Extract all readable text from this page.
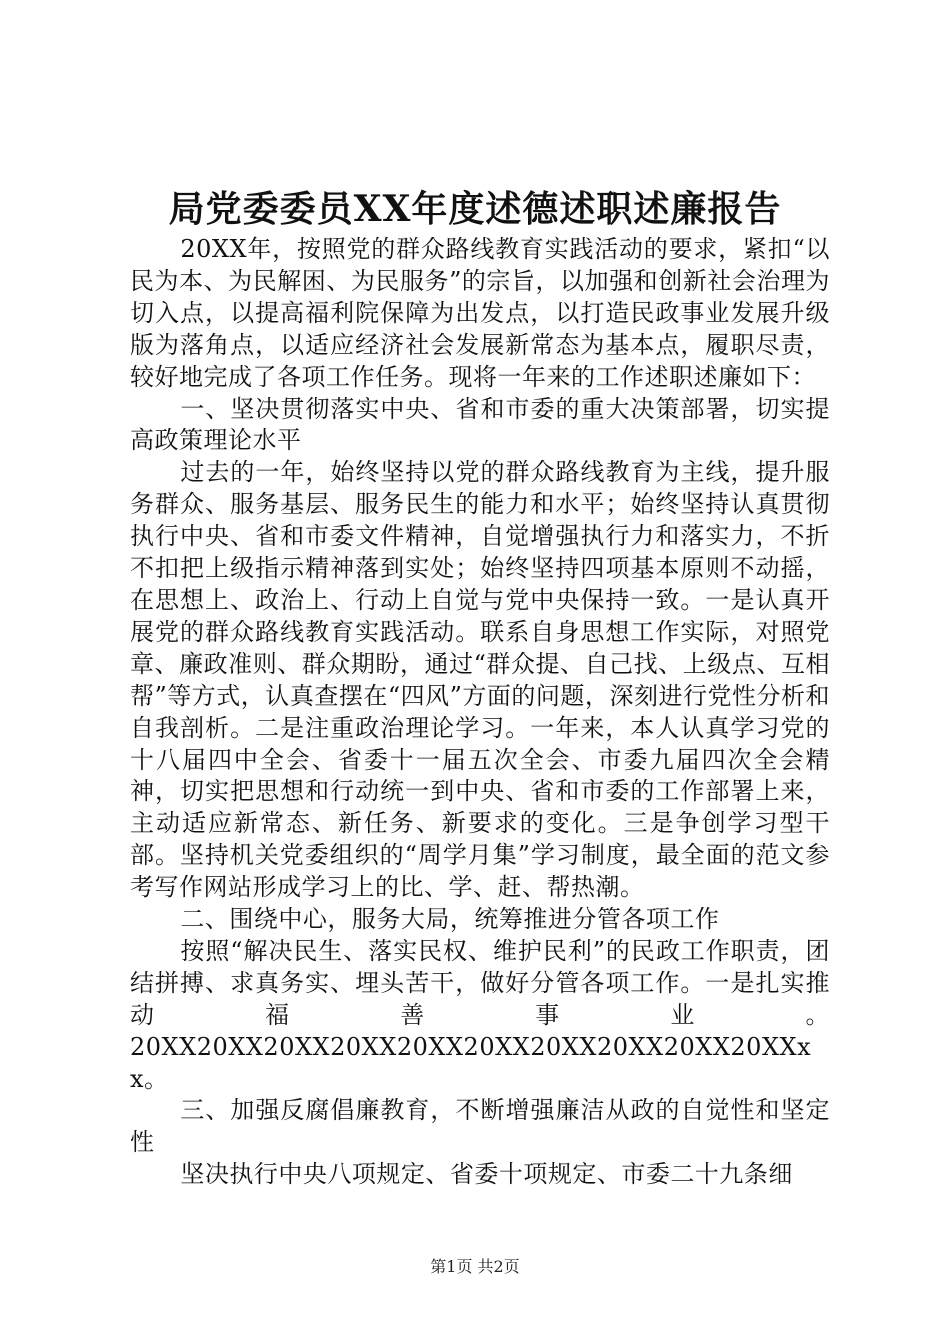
局党委委员XX年度述德述职述廉报告

20XX年，按照党的群众路线教育实践活动的要求，紧扣“以民为本、为民解困、为民服务”的宗旨，以加强和创新社会治理为切入点，以提高福利院保障为出发点，以打造民政事业发展升级版为落角点，以适应经济社会发展新常态为基本点，履职尽责，较好地完成了各项工作任务。现将一年来的工作述职述廉如下：

一、坚决贯彻落实中央、省和市委的重大决策部署，切实提高政策理论水平

过去的一年，始终坚持以党的群众路线教育为主线，提升服务群众、服务基层、服务民生的能力和水平；始终坚持认真贯彻执行中央、省和市委文件精神，自觉增强执行力和落实力，不折不扣把上级指示精神落到实处；始终坚持四项基本原则不动摇，在思想上、政治上、行动上自觉与党中央保持一致。一是认真开展党的群众路线教育实践活动。联系自身思想工作实际，对照党章、廉政准则、群众期盼，通过“群众提、自己找、上级点、互相帮”等方式，认真查摆在“四风”方面的问题，深刻进行党性分析和自我剖析。二是注重政治理论学习。一年来，本人认真学习党的十八届四中全会、省委十一届五次全会、市委九届四次全会精神，切实把思想和行动统一到中央、省和市委的工作部署上来，主动适应新常态、新任务、新要求的变化。三是争创学习型干部。坚持机关党委组织的“周学月集”学习制度，最全面的范文参考写作网站形成学习上的比、学、赶、帮热潮。

二、围绕中心，服务大局，统筹推进分管各项工作

按照“解决民生、落实民权、维护民利”的民政工作职责，团结拼搏、求真务实、埋头苦干，做好分管各项工作。一是扎实推动福善事业。

20XX20XX20XX20XX20XX20XX20XX20XX20XX20XXxx。

三、加强反腐倡廉教育，不断增强廉洁从政的自觉性和坚定性

坚决执行中央八项规定、省委十项规定、市委二十九条细

第1页 共2页
